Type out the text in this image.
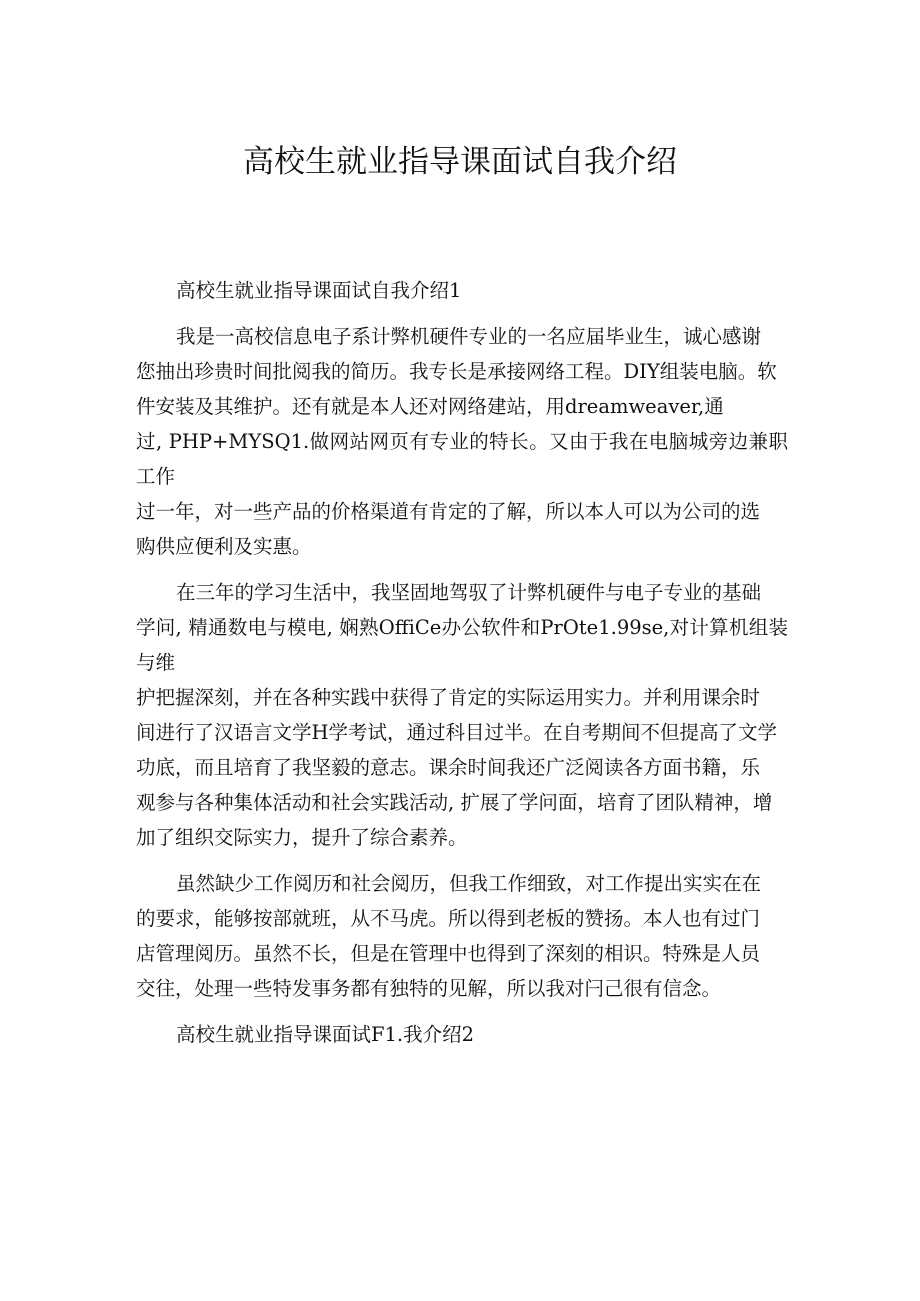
高校生就业指导课面试自我介绍
高校生就业指导课面试自我介绍1
我是一高校信息电子系计弊机硬件专业的一名应届毕业生，诚心感谢
您抽出珍贵时间批阅我的简历。我专长是承接网络工程。DIY组装电脑。软
件安装及其维护。还有就是本人还对网络建站，用dreamweaver,通
过, PHP+MYSQ1.做网站网页有专业的特长。又由于我在电脑城旁边兼职工作
过一年，对一些产品的价格渠道有肯定的了解，所以本人可以为公司的选
购供应便利及实惠。
在三年的学习生活中，我坚固地驾驭了计弊机硬件与电子专业的基础
学问, 精通数电与模电, 娴熟OffiCe办公软件和PrOte1.99se,对计算机组装与维
护把握深刻，并在各种实践中获得了肯定的实际运用实力。并利用课余时
间进行了汉语言文学H学考试，通过科目过半。在自考期间不但提高了文学
功底，而且培育了我坚毅的意志。课余时间我还广泛阅读各方面书籍，乐
观参与各种集体活动和社会实践活动, 扩展了学问面，培育了团队精神，增
加了组织交际实力，提升了综合素养。
虽然缺少工作阅历和社会阅历，但我工作细致，对工作提出实实在在
的要求，能够按部就班，从不马虎。所以得到老板的赞扬。本人也有过门
店管理阅历。虽然不长，但是在管理中也得到了深刻的相识。特殊是人员
交往，处理一些特发事务都有独特的见解，所以我对闩己很有信念。
高校生就业指导课面试F1.我介绍2
